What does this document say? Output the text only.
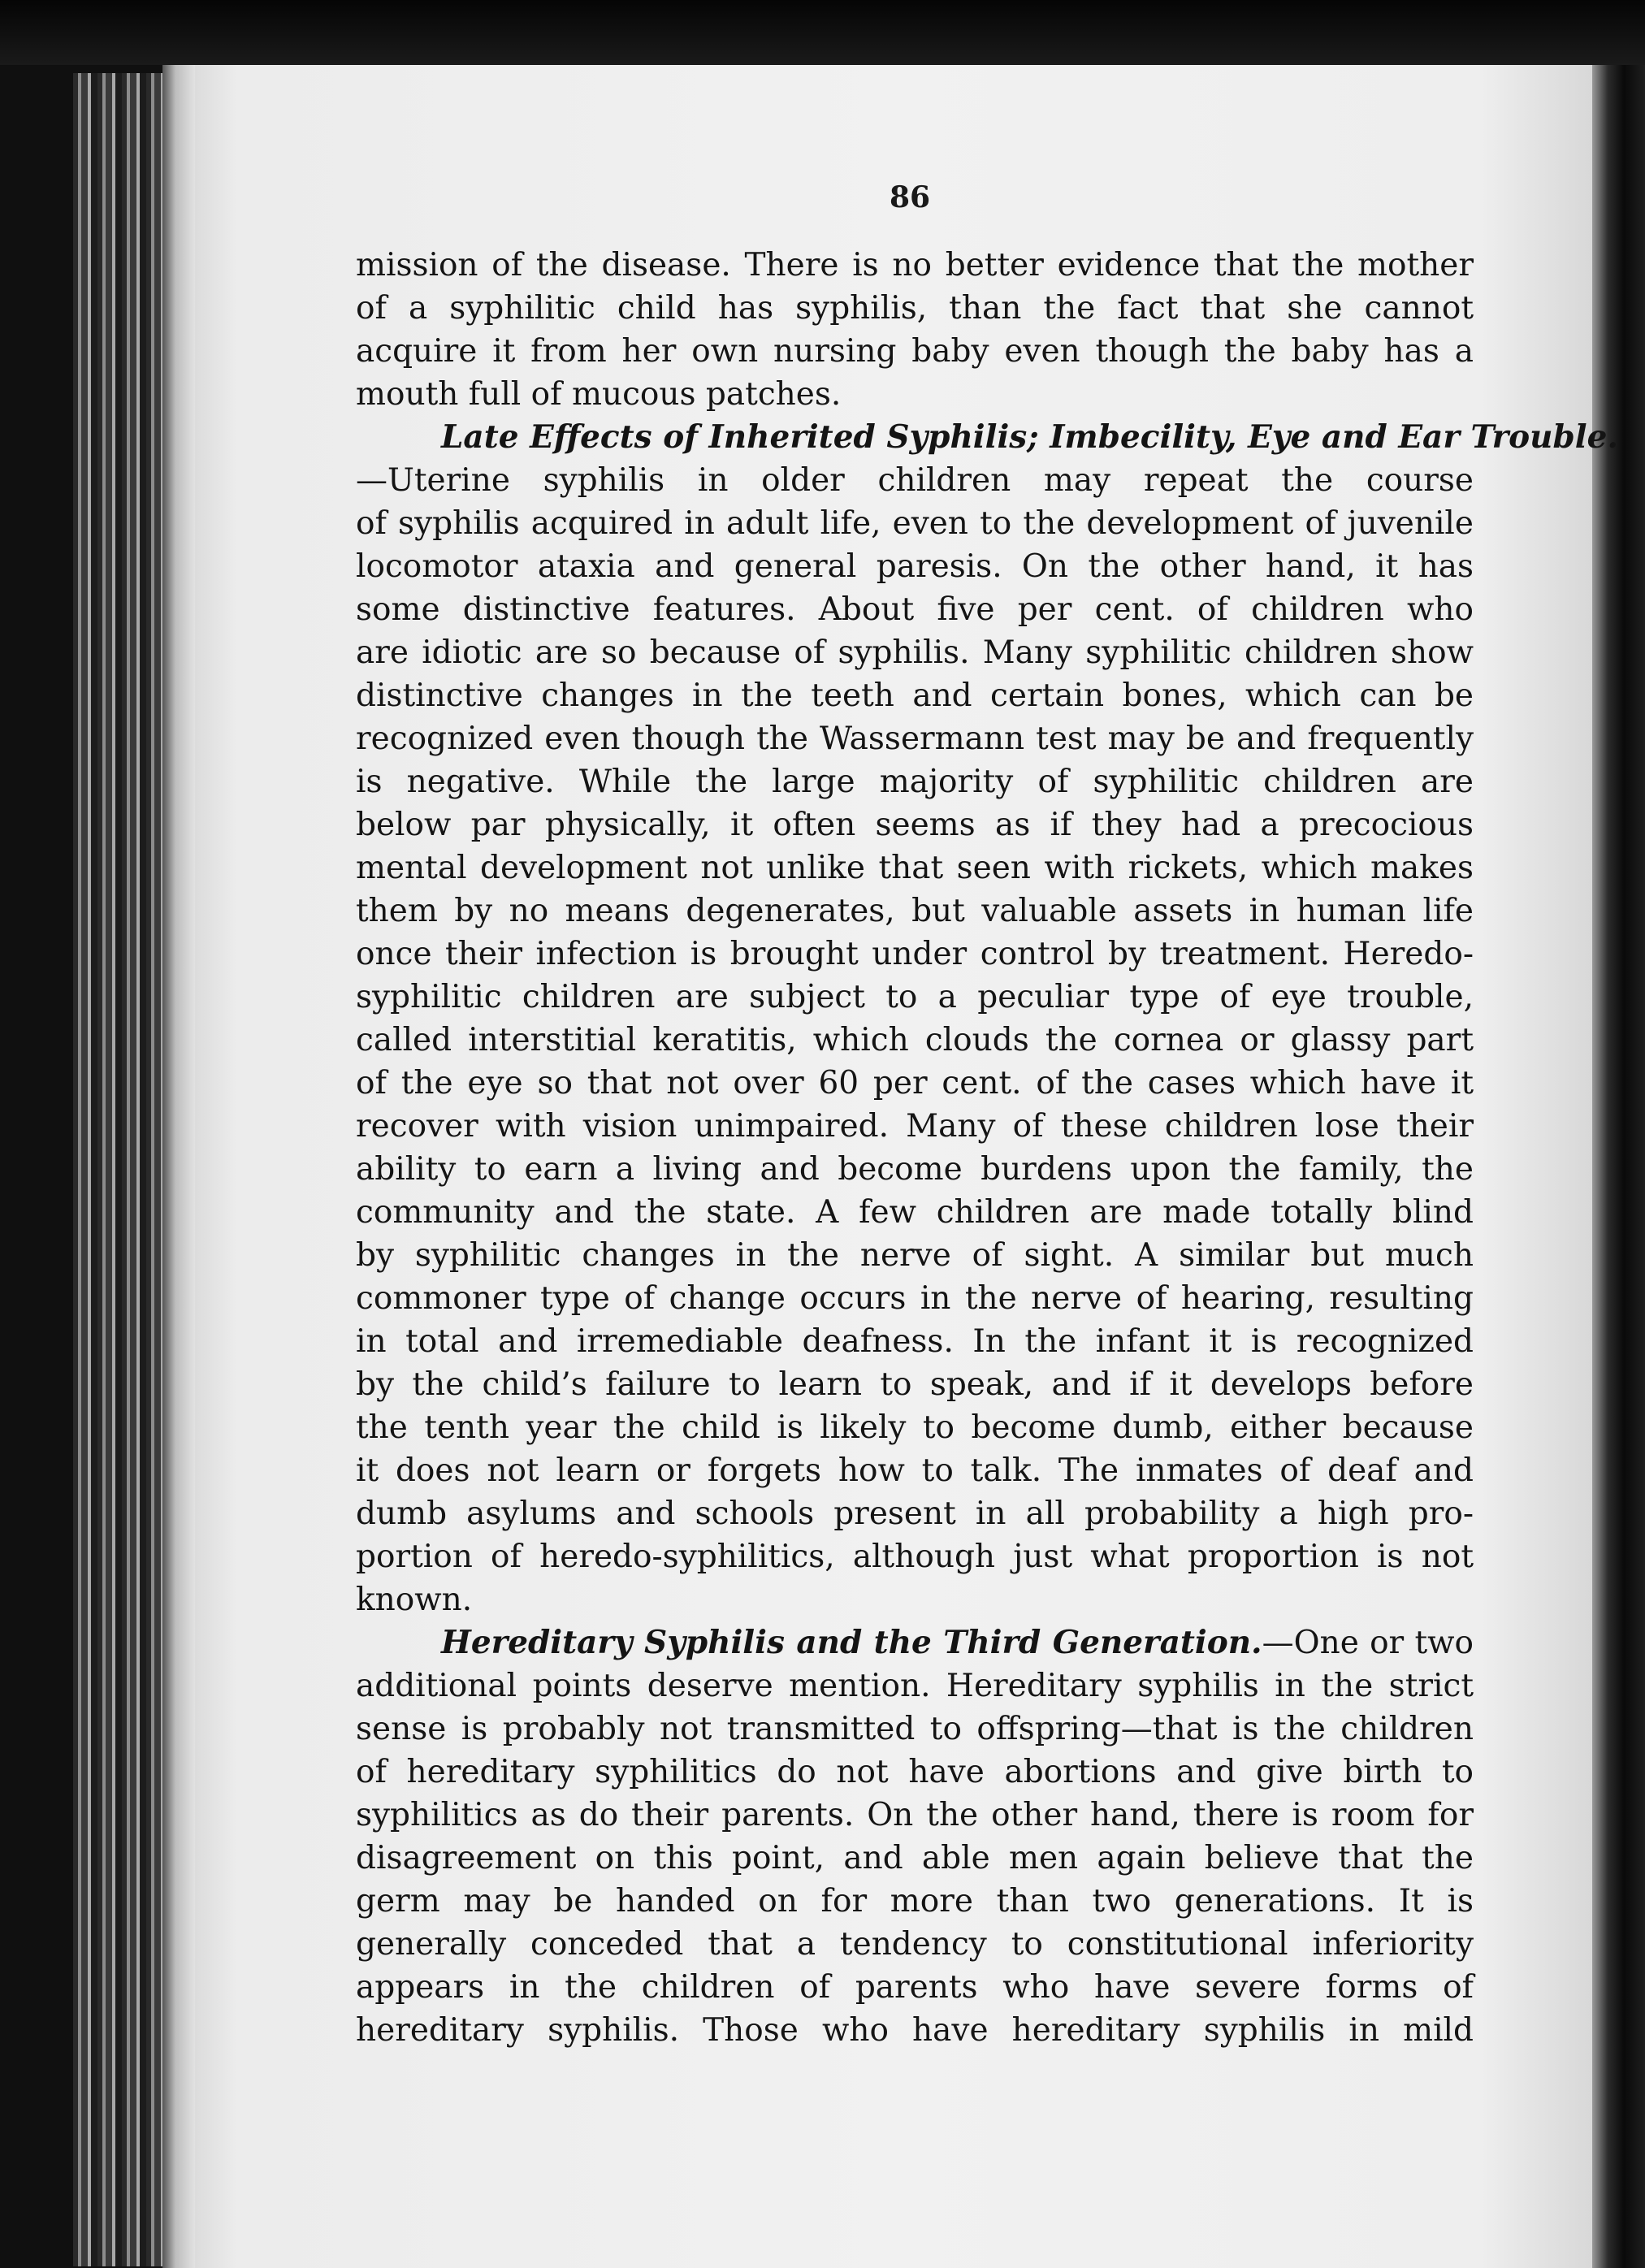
86

mission of the disease. There is no better evidence that the mother
of a syphilitic child has syphilis, than the fact that she cannot
acquire it from her own nursing baby even though the baby has a
mouth full of mucous patches.

Late Effects of Inherited Syphilis; Imbecility, Eye and Ear Trouble.
—Uterine syphilis in older children may repeat the course
of syphilis acquired in adult life, even to the development of juvenile
locomotor ataxia and general paresis. On the other hand, it has
some distinctive features. About five per cent. of children who
are idiotic are so because of syphilis. Many syphilitic children show
distinctive changes in the teeth and certain bones, which can be
recognized even though the Wassermann test may be and frequently
is negative. While the large majority of syphilitic children are
below par physically, it often seems as if they had a precocious
mental development not unlike that seen with rickets, which makes
them by no means degenerates, but valuable assets in human life
once their infection is brought under control by treatment. Heredo-
syphilitic children are subject to a peculiar type of eye trouble,
called interstitial keratitis, which clouds the cornea or glassy part
of the eye so that not over 60 per cent. of the cases which have it
recover with vision unimpaired. Many of these children lose their
ability to earn a living and become burdens upon the family, the
community and the state. A few children are made totally blind
by syphilitic changes in the nerve of sight. A similar but much
commoner type of change occurs in the nerve of hearing, resulting
in total and irremediable deafness. In the infant it is recognized
by the child’s failure to learn to speak, and if it develops before
the tenth year the child is likely to become dumb, either because
it does not learn or forgets how to talk. The inmates of deaf and
dumb asylums and schools present in all probability a high pro-
portion of heredo-syphilitics, although just what proportion is not
known.

Hereditary Syphilis and the Third Generation.—One or two
additional points deserve mention. Hereditary syphilis in the strict
sense is probably not transmitted to offspring—that is the children
of hereditary syphilitics do not have abortions and give birth to
syphilitics as do their parents. On the other hand, there is room for
disagreement on this point, and able men again believe that the
germ may be handed on for more than two generations. It is
generally conceded that a tendency to constitutional inferiority
appears in the children of parents who have severe forms of
hereditary syphilis. Those who have hereditary syphilis in mild
